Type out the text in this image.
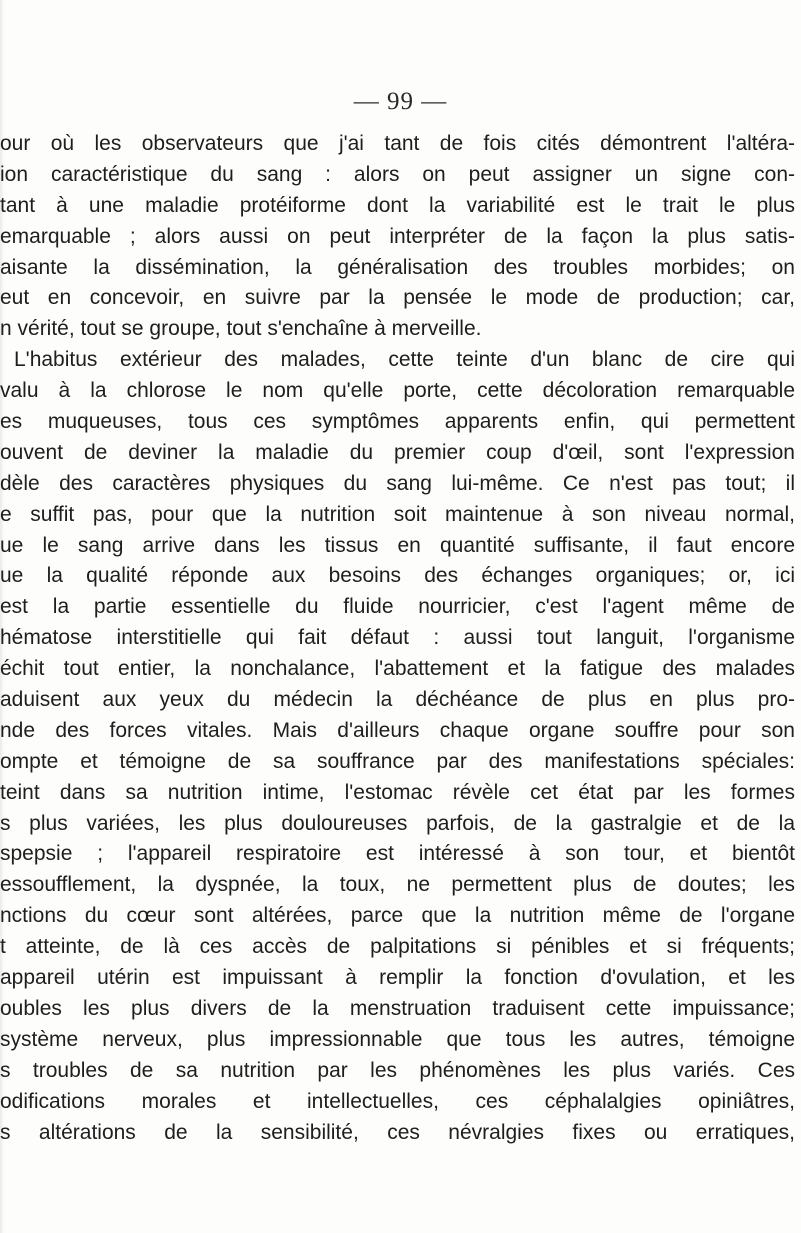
— 99 —
our où les observateurs que j'ai tant de fois cités démontrent l'altéra-
ion caractéristique du sang : alors on peut assigner un signe con-
tant à une maladie protéiforme dont la variabilité est le trait le plus
emarquable ; alors aussi on peut interpréter de la façon la plus satis-
aisante la dissémination, la généralisation des troubles morbides; on
eut en concevoir, en suivre par la pensée le mode de production; car,
n vérité, tout se groupe, tout s'enchaîne à merveille.
L'habitus extérieur des malades, cette teinte d'un blanc de cire qui
valu à la chlorose le nom qu'elle porte, cette décoloration remarquable
es muqueuses, tous ces symptômes apparents enfin, qui permettent
ouvent de deviner la maladie du premier coup d'œil, sont l'expression
dèle des caractères physiques du sang lui-même. Ce n'est pas tout; il
e suffit pas, pour que la nutrition soit maintenue à son niveau normal,
ue le sang arrive dans les tissus en quantité suffisante, il faut encore
ue la qualité réponde aux besoins des échanges organiques; or, ici
est la partie essentielle du fluide nourricier, c'est l'agent même de
hématose interstitielle qui fait défaut : aussi tout languit, l'organisme
échit tout entier, la nonchalance, l'abattement et la fatigue des malades
aduisent aux yeux du médecin la déchéance de plus en plus pro-
nde des forces vitales. Mais d'ailleurs chaque organe souffre pour son
ompte et témoigne de sa souffrance par des manifestations spéciales:
teint dans sa nutrition intime, l'estomac révèle cet état par les formes
s plus variées, les plus douloureuses parfois, de la gastralgie et de la
spepsie ; l'appareil respiratoire est intéressé à son tour, et bientôt
essoufflement, la dyspnée, la toux, ne permettent plus de doutes; les
nctions du cœur sont altérées, parce que la nutrition même de l'organe
t atteinte, de là ces accès de palpitations si pénibles et si fréquents;
appareil utérin est impuissant à remplir la fonction d'ovulation, et les
oubles les plus divers de la menstruation traduisent cette impuissance;
système nerveux, plus impressionnable que tous les autres, témoigne
s troubles de sa nutrition par les phénomènes les plus variés. Ces
odifications morales et intellectuelles, ces céphalalgies opiniâtres,
s altérations de la sensibilité, ces névralgies fixes ou erratiques,
